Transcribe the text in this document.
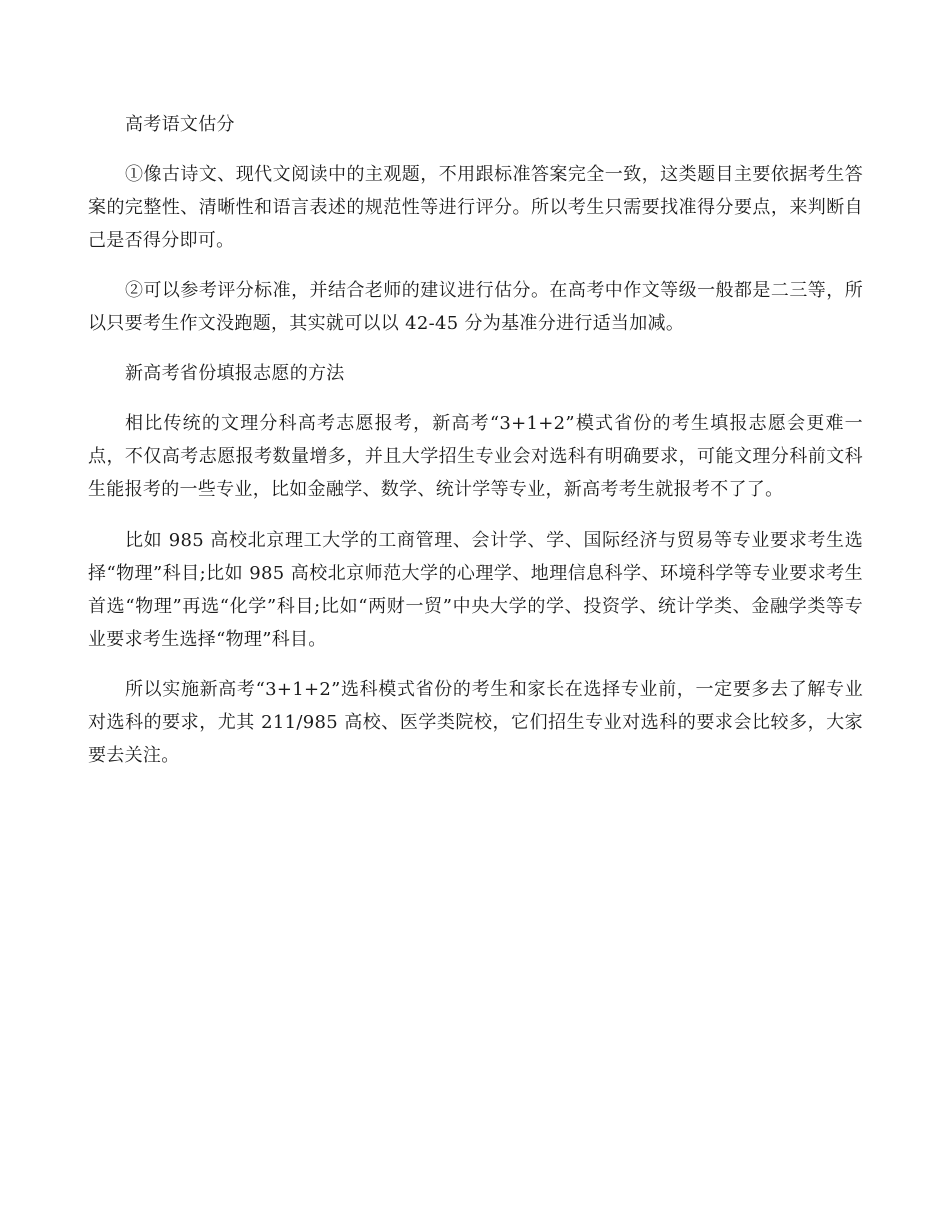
高考语文估分

①像古诗文、现代文阅读中的主观题，不用跟标准答案完全一致，这类题目主要依据考生答案的完整性、清晰性和语言表述的规范性等进行评分。所以考生只需要找准得分要点，来判断自己是否得分即可。

②可以参考评分标准，并结合老师的建议进行估分。在高考中作文等级一般都是二三等，所以只要考生作文没跑题，其实就可以以 42-45 分为基准分进行适当加减。

新高考省份填报志愿的方法

相比传统的文理分科高考志愿报考，新高考“3+1+2”模式省份的考生填报志愿会更难一点，不仅高考志愿报考数量增多，并且大学招生专业会对选科有明确要求，可能文理分科前文科生能报考的一些专业，比如金融学、数学、统计学等专业，新高考考生就报考不了了。

比如 985 高校北京理工大学的工商管理、会计学、学、国际经济与贸易等专业要求考生选择“物理”科目;比如 985 高校北京师范大学的心理学、地理信息科学、环境科学等专业要求考生首选“物理”再选“化学”科目;比如“两财一贸”中央大学的学、投资学、统计学类、金融学类等专业要求考生选择“物理”科目。

所以实施新高考“3+1+2”选科模式省份的考生和家长在选择专业前，一定要多去了解专业对选科的要求，尤其 211/985 高校、医学类院校，它们招生专业对选科的要求会比较多，大家要去关注。
